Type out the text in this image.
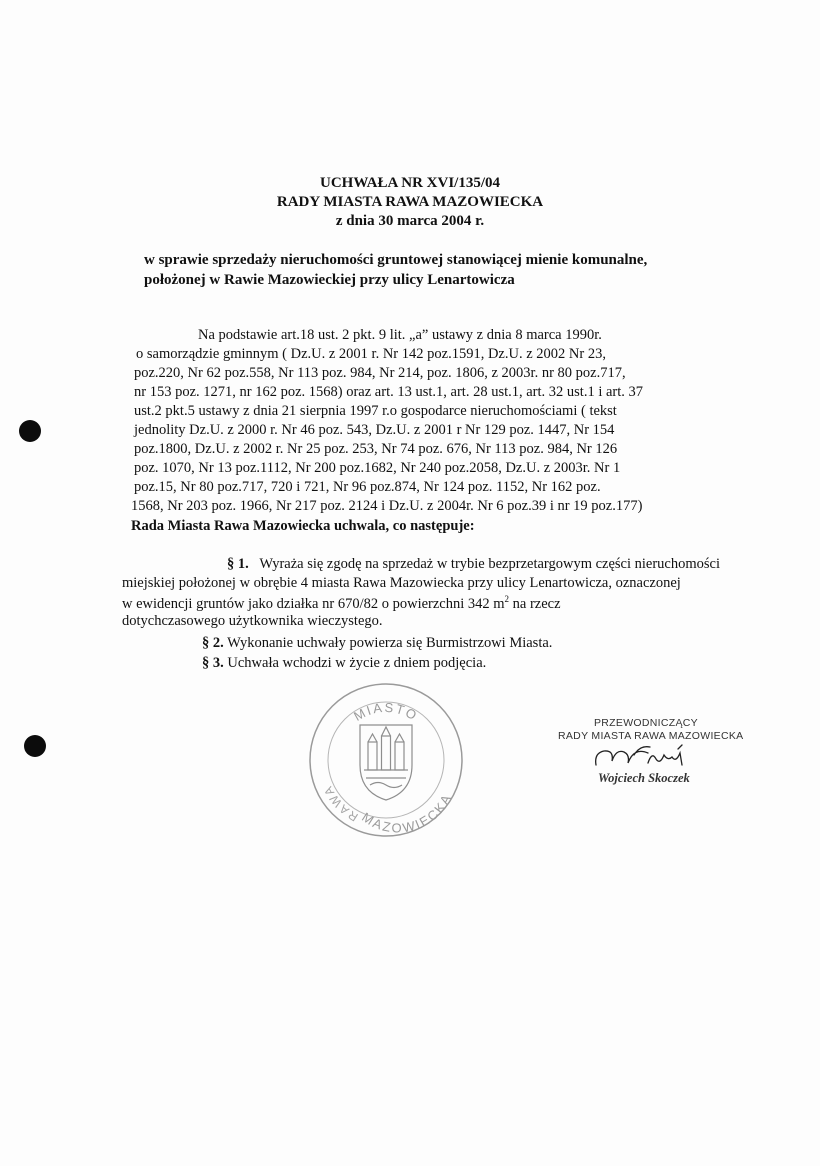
UCHWAŁA NR XVI/135/04
RADY MIASTA RAWA MAZOWIECKA
z dnia 30 marca 2004 r.
w sprawie sprzedaży nieruchomości gruntowej stanowiącej mienie komunalne,
położonej w Rawie Mazowieckiej przy ulicy Lenartowicza
Na podstawie art.18 ust. 2 pkt. 9 lit. „a” ustawy z dnia 8 marca 1990r.
o samorządzie gminnym ( Dz.U. z 2001 r. Nr 142 poz.1591, Dz.U. z 2002 Nr 23,
poz.220, Nr 62 poz.558, Nr 113 poz. 984, Nr 214, poz. 1806, z 2003r. nr 80 poz.717,
nr 153 poz. 1271, nr 162 poz. 1568) oraz art. 13 ust.1, art. 28 ust.1, art. 32 ust.1 i art. 37
ust.2 pkt.5 ustawy z dnia 21 sierpnia 1997 r.o gospodarce nieruchomościami ( tekst
jednolity Dz.U. z 2000 r. Nr 46 poz. 543, Dz.U. z 2001 r Nr 129 poz. 1447, Nr 154
poz.1800, Dz.U. z 2002 r. Nr 25 poz. 253, Nr 74 poz. 676, Nr 113 poz. 984, Nr 126
poz. 1070, Nr 13 poz.1112, Nr 200 poz.1682, Nr 240 poz.2058, Dz.U. z 2003r. Nr 1
poz.15, Nr 80 poz.717, 720 i 721, Nr 96 poz.874, Nr 124 poz. 1152, Nr 162 poz.
1568, Nr 203 poz. 1966, Nr 217 poz. 2124 i Dz.U. z 2004r. Nr 6 poz.39 i nr 19 poz.177)
Rada Miasta Rawa Mazowiecka uchwala, co następuje:
§ 1. Wyraża się zgodę na sprzedaż w trybie bezprzetargowym części nieruchomości
miejskiej położonej w obrębie 4 miasta Rawa Mazowiecka przy ulicy Lenartowicza, oznaczonej
w ewidencji gruntów jako działka nr 670/82 o powierzchni 342 $m^2$ na rzecz
dotychczasowego użytkownika wieczystego.
§ 2. Wykonanie uchwały powierza się Burmistrzowi Miasta.
§ 3. Uchwała wchodzi w życie z dniem podjęcia.
MIASTO
RAWA
MAZOWIECKA
PRZEWODNICZĄCY
RADY MIASTA RAWA MAZOWIECKA
Wojciech Skoczek
